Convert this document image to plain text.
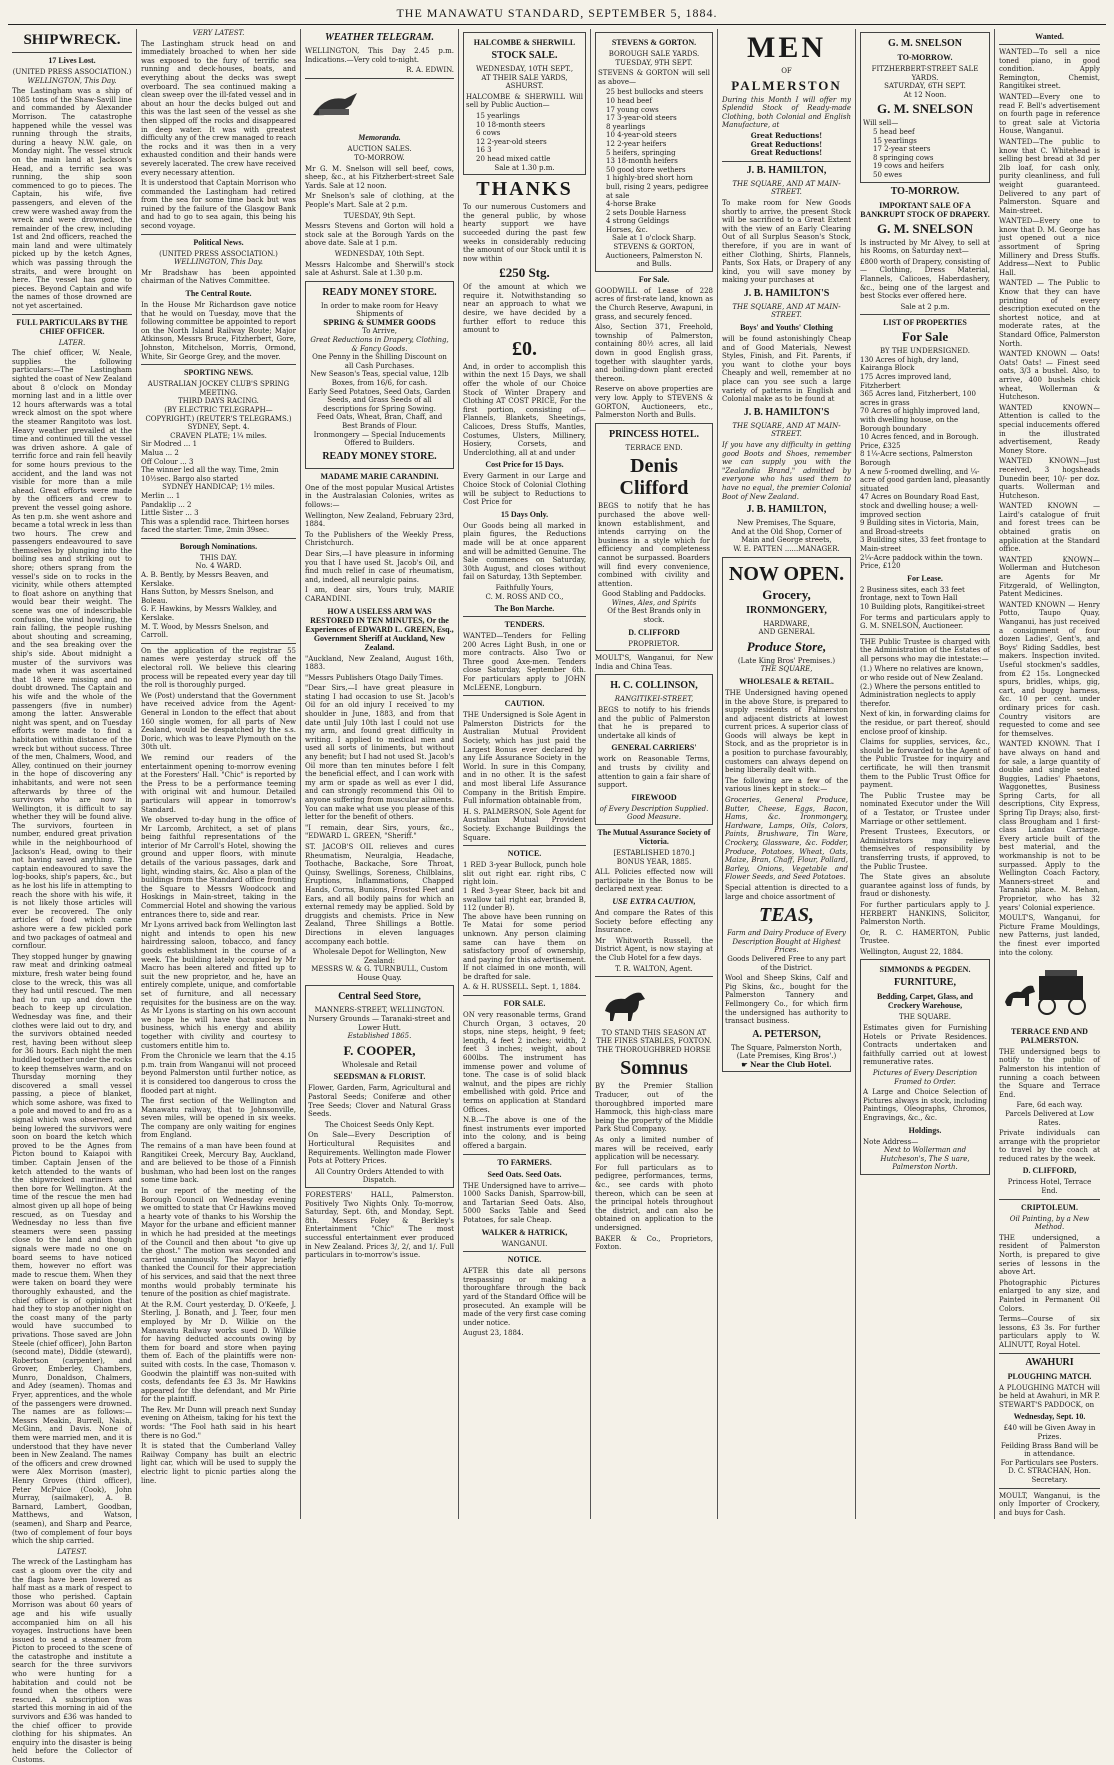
THE MANAWATU STANDARD, SEPTEMBER 5, 1884.
SHIPWRECK.
17 Lives Lost.
(UNITED PRESS ASSOCIATION.)
WELLINGTON, This Day.
The Lastingham was a ship of 1085 tons of the Shaw-Savill line and commanded by Alexander Morrison. The catastrophe happened while the vessel was running through the straits, during a heavy N.W. gale, on Monday night. The vessel struck on the main land at Jackson's Head, and a terrific sea was running, the ship soon commenced to go to pieces. The Captain, his wife, five passengers, and eleven of the crew were washed away from the wreck and were drowned, the remainder of the crew, including 1st and 2nd officers, reached the main land and were ultimately picked up by the ketch Agnes, which was passing through the straits, and were brought on here. The vessel has gone to pieces. Beyond Captain and wife the names of those drowned are not yet ascertained.
FULL PARTICULARS BY THE CHIEF OFFICER.
LATER.
The chief officer, W. Neale, supplies the following particulars:—The Lastingham sighted the coast of New Zealand about 8 o'clock on Monday morning last and in a little over 12 hours afterwards was a total wreck almost on the spot where the steamer Rangitoto was lost. Heavy weather prevailed at the time and continued till the vessel was driven ashore. A gale of terrific force and rain fell heavily for some hours previous to the accident, and the land was not visible for more than a mile ahead. Great efforts were made by the officers and crew to prevent the vessel going ashore. As ten p.m. she went ashore and became a total wreck in less than two hours. The crew and passengers endeavoured to save themselves by plunging into the boiling sea and striking out to shore; others sprang from the vessel's side on to rocks in the vicinity, while others attempted to float ashore on anything that would bear their weight. The scene was one of indescribable confusion, the wind howling, the rain falling, the people rushing about shouting and screaming, and the sea breaking over the ship's side. About midnight a muster of the survivors was made when it was ascertained that 18 were missing and no doubt drowned. The Captain and his wife and the whole of the passengers (five in number) among the latter. Answerable night was spent, and on Tuesday efforts were made to find a habitation within distance of the wreck but without success. Three of the men, Chalmers, Wood, and Alley, continued on their journey in the hope of discovering any inhabitants, and were not seen afterwards by three of the survivors who are now in Wellington, it is difficult to say whether they will be found alive. The survivors, fourteen in number, endured great privation while in the neighbourhood of Jackson's Head, owing to their not having saved anything. The captain endeavoured to save the log-books, ship's papers, &c., but as he lost his life in attempting to reach the shore with his wife, it is not likely those articles will ever be recovered. The only articles of food which came ashore were a few pickled pork and two packages of oatmeal and cornflour.
They stopped hunger by gnawing raw meat and drinking oatmeal mixture, fresh water being found close to the wreck, this was all they had until rescued. The men had to run up and down the beach to keep up circulation. Wednesday was fine, and their clothes were laid out to dry, and the survivors obtained needed rest, having been without sleep for 36 hours. Each night the men huddled together under the rocks to keep themselves warm, and on Thursday morning they discovered a small vessel passing, a piece of blanket, which some ashore, was fixed to a pole and moved to and fro as a signal which was observed, and being lowered the survivors were soon on board the ketch which proved to be the Agnes from Picton bound to Kaiapoi with timber. Captain Jensen of the ketch attended to the wants of the shipwrecked mariners and then bore for Wellington. At the time of the rescue the men had almost given up all hope of being rescued, as on Tuesday and Wednesday no less than five steamers were seen passing close to the land and though signals were made no one on board seems to have noticed them, however no effort was made to rescue them. When they were taken on board they were thoroughly exhausted, and the chief officer is of opinion that had they to stop another night on the coast many of the party would have succumbed to privations. Those saved are John Steele (chief officer), John Barton (second mate), Diddle (steward), Robertson (carpenter), and Grover, Emberley, Chambers, Munro, Donaldson, Chalmers, and Adey (seamen). Thomas and Fryer, apprentices, and the whole of the passengers were drowned. The names are as follows:—Messrs Meakin, Burrell, Naish, McGinn, and Davis. None of them were married men, and it is understood that they have never been in New Zealand. The names of the officers and crew drowned were Alex Morrison (master), Henry Groves (third officer), Peter McPuice (Cook), John Murray, (sailmaker), A. B. Barnard, Lambert, Goodban, Matthews, and Watson, (seamen), and Sharp and Pearce, (two of complement of four boys which the ship carried.
LATEST.
The wreck of the Lastingham has cast a gloom over the city and the flags have been lowered as half mast as a mark of respect to those who perished. Captain Morrison was about 60 years of age and his wife usually accompanied him on all his voyages. Instructions have been issued to send a steamer from Picton to proceed to the scene of the catastrophe and institute a search for the three survivors who were hunting for a habitation and could not be found when the others were rescued. A subscription was started this morning in aid of the survivors and £36 was handed to the chief officer to provide clothing for his shipmates. An enquiry into the disaster is being held before the Collector of Customs.
VERY LATEST.
The Lastingham struck head on and immediately broached to when her side was exposed to the fury of terrific sea running and deck-houses, boats, and everything about the decks was swept overboard. The sea continued making a clean sweep over the ill-fated vessel and in about an hour the decks bulged out and this was the last seen of the vessel as she then slipped off the rocks and disappeared in deep water. It was with greatest difficulty any of the crew managed to reach the rocks and it was then in a very exhausted condition and their hands were severely lacerated. The crew have received every necessary attention.
It is understood that Captain Morrison who commanded the Lastingham had retired from the sea for some time back but was ruined by the failure of the Glasgow Bank and had to go to sea again, this being his second voyage.
Political News.
(UNITED PRESS ASSOCIATION.)
WELLINGTON, This Day.
Mr Bradshaw has been appointed chairman of the Natives Committee.
The Central Route.
In the House Mr Richardson gave notice that he would on Tuesday, move that the following committee be appointed to report on the North Island Railway Route; Major Atkinson, Messrs Bruce, Fitzherbert, Gore, Johnston, Mitchelson, Morris, Ormond, White, Sir George Grey, and the mover.
SPORTING NEWS.
AUSTRALIAN JOCKEY CLUB'S SPRING MEETING.
THIRD DAYS RACING.
(BY ELECTRIC TELEGRAPH—COPYRIGHT.) (REUTER'S TELEGRAMS.) SYDNEY, Sept. 4.
CRAVEN PLATE; 1¼ miles.
Sir Modred ... 1
Malua ... 2
Off Colour ... 3
The winner led all the way. Time, 2min 10½sec. Bargo also started
SYDNEY HANDICAP; 1½ miles.
Merlin ... 1
Pandaklip ... 2
Little Sister ... 3
This was a splendid race. Thirteen horses faced the starter. Time, 2min 39sec.
Borough Nominations.
THIS DAY.
No. 4 WARD.
A. B. Bently, by Messrs Beaven, and Kerslake.
Hans Sutton, by Messrs Snelson, and Boleau.
G. F. Hawkins, by Messrs Walkley, and Kerslake.
M. T. Wood, by Messrs Snelson, and Carroll.
On the application of the registrar 55 names were yesterday struck off the electoral roll. We believe this clearing process will be repeated every year day till the roll is thoroughly purged.
We (Post) understand that the Government have received advice from the Agent-General in London to the effect that about 160 single women, for all parts of New Zealand, would be despatched by the s.s. Doric, which was to leave Plymouth on the 30th ult.
We remind our readers of the entertainment opening to-morrow evening at the Foresters' Hall. "Chic" is reported by the Press to be a performance teeming with original wit and humour. Detailed particulars will appear in tomorrow's Standard.
We observed to-day hung in the office of Mr Larcomb, Architect, a set of plans being faithful representations of the interior of Mr Carroll's Hotel, showing the ground and upper floors, with minute details of the various passages, dark and light, winding stairs, &c. Also a plan of the buildings from the Standard office fronting the Square to Messrs Woodcock and Hoskings in Main-street, taking in the Commercial Hotel and showing the various entrances there to, side and rear.
Mr Lyons arrived back from Wellington last night and intends to open his new hairdressing saloon, tobacco, and fancy goods establishment in the course of a week. The building lately occupied by Mr Macro has been altered and fitted up to suit the new proprietor, and he, have an entirely complete, unique, and comfortable set of furniture, and all necessary requisites for the business are on the way. As Mr Lyons is starting on his own account we hope he will have that success in business, which his energy and ability together with civility and courtesy to customers entitle him to.
From the Chronicle we learn that the 4.15 p.m. train from Wanganui will not proceed beyond Palmerston until further notice, as it is considered too dangerous to cross the flooded part at night.
The first section of the Wellington and Manawatu railway, that to Johnsonville, seven miles, will be opened in six weeks. The company are only waiting for engines from England.
The remains of a man have been found at Rangitikei Creek, Mercury Bay, Auckland, and are believed to be those of a Finnish bushman, who had been lost on the ranges some time back.
In our report of the meeting of the Borough Council on Wednesday evening we omitted to state that Cr Hawkins moved a hearty vote of thanks to his Worship the Mayor for the urbane and efficient manner in which he had presided at the meetings of the Council and then about "to give up the ghost." The motion was seconded and carried unanimously. The Mayor briefly thanked the Council for their appreciation of his services, and said that the next three months would probably terminate his tenure of the position as chief magistrate.
At the R.M. Court yesterday, D. O'Keefe, J. Sterling, J. Bonath, and J. Teer, four men employed by Mr D. Wilkie on the Manawatu Railway works sued D. Wilkie for having deducted accounts owing by them for board and store when paying them of. Each of the plaintiffs were non-suited with costs. In the case, Thomason v. Goodwin the plaintiff was non-suited with costs, defendants fee £3 3s. Mr Hawkins appeared for the defendant, and Mr Pirie for the plaintiff.
The Rev. Mr Dunn will preach next Sunday evening on Atheism, taking for his text the words: "The Fool hath said in his heart there is no God."
It is stated that the Cumberland Valley Railway Company has built an electric light car, which will be used to supply the electric light to picnic parties along the line.
WEATHER TELEGRAM.
WELLINGTON, This Day 2.45 p.m. Indications.—Very cold to-night.
R. A. EDWIN.
Memoranda.
AUCTION SALES.
TO-MORROW.
Mr G. M. Snelson will sell beef, cows, sheep, &c., at his Fitzherbert-street Sale Yards. Sale at 12 noon.
Mr Snelson's sale of clothing, at the People's Mart. Sale at 2 p.m.
TUESDAY, 9th Sept.
Messrs Stevens and Gorton will hold a stock sale at the Borough Yards on the above date. Sale at 1 p.m.
WEDNESDAY, 10th Sept.
Messrs Halcombe and Sherwill's stock sale at Ashurst. Sale at 1.30 p.m.
READY MONEY STORE.
In order to make room for Heavy Shipments of
SPRING & SUMMER GOODS
To Arrive,
Great Reductions in Drapery, Clothing, & Fancy Goods.
One Penny in the Shilling Discount on all Cash Purchases.
New Season's Teas, special value, 12lb Boxes, from 16/6, for cash.
Early Seed Potatoes, Seed Oats, Garden Seeds, and Grass Seeds of all descriptions for Spring Sowing.
Feed Oats, Wheat, Bran, Chaff, and Best Brands of Flour.
Ironmongery — Special Inducements Offered to Builders.
READY MONEY STORE.
MADAME MARIE CARANDINI.
One of the most popular Musical Artistes in the Australasian Colonies, writes as follows:—
Wellington, New Zealand, February 23rd, 1884.
To the Publishers of the Weekly Press, Christchurch.
Dear Sirs,—I have pleasure in informing you that I have used St. Jacob's Oil, and find much relief in case of rheumatism, and, indeed, all neuralgic pains.
I am, dear sirs, Yours truly, MARIE CARANDINI.
HOW A USELESS ARM WAS RESTORED IN TEN MINUTES, Or the Experiences of EDWARD L. GREEN, Esq., Government Sheriff at Auckland, New Zealand.
"Auckland, New Zealand, August 16th, 1883.
"Messrs Publishers Otago Daily Times.
"Dear Sirs,—I have great pleasure in stating I had occasion to use St. Jacob's Oil for an old injury I received to my shoulder in June, 1883, and from that date until July 10th last I could not use my arm, and found great difficulty in writing. I applied to medical men and used all sorts of liniments, but without any benefit; but I had not used St. Jacob's Oil more than ten minutes before I felt the beneficial effect, and I can work with my arm or spade as well as ever I did, and can strongly recommend this Oil to anyone suffering from muscular ailments. You can make what use you please of this letter for the benefit of others.
"I remain, dear Sirs, yours, &c., "EDWARD L. GREEN, "Sheriff."
ST. JACOB'S OIL relieves and cures Rheumatism, Neuralgia, Headache, Toothache, Backache, Sore Throat, Quinsy, Swellings, Soreness, Chilblains, Eruptions, Inflammations, Chapped Hands, Corns, Bunions, Frosted Feet and Ears, and all bodily pains for which an external remedy may be applied. Sold by druggists and chemists. Price in New Zealand, Three Shillings a Bottle. Directions in eleven languages accompany each bottle.
Wholesale Depot for Wellington, New Zealand:
MESSRS W. & G. TURNBULL, Custom House Quay.
Central Seed Store,
MANNERS-STREET, WELLINGTON.
Nursery Grounds — Taranaki-street and Lower Hutt.
Established 1865.
F. COOPER,
Wholesale and Retail
SEEDSMAN & FLORIST.
Flower, Garden, Farm, Agricultural and Pastoral Seeds; Coniferæ and other Tree Seeds; Clover and Natural Grass Seeds.
The Choicest Seeds Only Kept.
On Sale—Every Description of Horticultural Requisites and Requirements. Wellington made Flower Pots at Pottery Prices.
All Country Orders Attended to with Dispatch.
FORESTERS' HALL, Palmerston. Positively Two Nights Only. To-morrow, Saturday, Sept. 6th, and Monday, Sept. 8th. Messrs Foley & Berkley's Entertainment "Chic" The most successful entertainment ever produced in New Zealand. Prices 3/, 2/, and 1/. Full particulars in to-morrow's issue.
HALCOMBE & SHERWILL
STOCK SALE.
WEDNESDAY, 10TH SEPT.,
AT THEIR SALE YARDS, ASHURST.
HALCOMBE & SHERWILL Will sell by Public Auction—
15 yearlings
10 18-month steers
6 cows
12 2-year-old steers
16 3
20 head mixed cattle
Sale at 1.30 p.m.
THANKS
To our numerous Customers and the general public, by whose hearty support we have succeeded during the past few weeks in considerably reducing the amount of our Stock until it is now within
£250 Stg.
Of the amount at which we require it. Notwithstanding so near an approach to what we desire, we have decided by a further effort to reduce this amount to
£0.
And, in order to accomplish this within the next 15 Days, we shall offer the whole of our Choice Stock of Winter Drapery and Clothing AT COST PRICE, For the first portion, consisting of— Flannels, Blankets, Sheetings, Calicoes, Dress Stuffs, Mantles, Costumes, Ulsters, Millinery, Hosiery, Corsets, and Underclothing, all at and under
Cost Price for 15 Days.
Every Garment in our Large and Choice Stock of Colonial Clothing will be subject to Reductions to Cost Price for
15 Days Only.
Our Goods being all marked in plain figures, the Reductions made will be at once apparent and will be admitted Genuine. The Sale commences on Saturday, 30th August, and closes without fail on Saturday, 13th September.
Faithfully Yours,
C. M. ROSS AND CO.,
The Bon Marche.
TENDERS.
WANTED—Tenders for Felling 200 Acres Light Bush, in one or more contracts. Also Two or Three good Axe-men. Tenders close Saturday, September 6th. For particulars apply to JOHN McLEENE, Longburn.
CAUTION.
THE Undersigned is Sole Agent in Palmerston Districts for the Australian Mutual Provident Society, which has just paid the Largest Bonus ever declared by any Life Assurance Society in the World. In sure in this Company, and in no other. It is the safest and most liberal Life Assurance Company in the British Empire. Full information obtainable from,
H. S. PALMERSON, Sole Agent for Australian Mutual Provident Society. Exchange Buildings the Square.
NOTICE.
1 RED 3-year Bullock, punch hole slit out right ear. right ribs, C right loin.
1 Red 3-year Steer, back bit and swallow tail right ear, branded B, 112 (under B).
The above have been running on Te Matai for some period unknown. Any person claiming same can have them on satisfactory proof of ownership, and paying for this advertisement. If not claimed in one month, will be drafted for sale.
A. & H. RUSSELL. Sept. 1, 1884.
FOR SALE.
ON very reasonable terms, Grand Church Organ, 3 octaves, 20 stops, nine steps, height, 9 feet; length, 4 feet 2 inches; width, 2 feet 3 inches; weight, about 600lbs. The instrument has immense power and volume of tone. The case is of solid black walnut, and the pipes are richly embellished with gold. Price and terms on application at Standard Offices.
N.B.—The above is one of the finest instruments ever imported into the colony, and is being offered a bargain.
TO FARMERS.
Seed Oats. Seed Oats.
THE Undersigned have to arrive— 1000 Sacks Danish, Sparrow-bill, and Tartarian Seed Oats. Also, 5000 Sacks Table and Seed Potatoes, for sale Cheap.
WALKER & HATRICK,
WANGANUI.
NOTICE.
AFTER this date all persons trespassing or making a thoroughfare through the back yard of the Standard Office will be prosecuted. An example will be made of the very first case coming under notice.
August 23, 1884.
STEVENS & GORTON.
BOROUGH SALE YARDS.
TUESDAY, 9TH SEPT.
STEVENS & GORTON will sell as above—
25 best bullocks and steers
10 head beef
17 young cows
17 3-year-old steers
8 yearlings
10 4-year-old steers
12 2-year heifers
5 heifers, springing
13 18-month heifers
50 good store wethers
1 highly-bred short horn bull, rising 2 years, pedigree at sale
4-horse Brake
2 sets Double Harness
4 strong Geldings
Horses, &c.
Sale at 1 o'clock Sharp.
STEVENS & GORTON, Auctioneers, Palmerston N. and Bulls.
For Sale.
GOODWILL of Lease of 228 acres of first-rate land, known as the Church Reserve, Awapuni, in grass, and securely fenced.
Also, Section 371, Freehold, township of Palmerston, containing 80½ acres, all laid down in good English grass, together with slaughter yards, and boiling-down plant erected thereon.
Reserve on above properties are very low. Apply to STEVENS & GORTON, Auctioneers, etc., Palmerston North and Bulls.
PRINCESS HOTEL.
TERRACE END.
Denis Clifford
BEGS to notify that he has purchased the above well-known establishment, and intends carrying on the business in a style which for efficiency and completeness cannot be surpassed. Boarders will find every convenience, combined with civility and attention.
Good Stabling and Paddocks.
Wines, Ales, and Spirits
Of the Best Brands only in stock.
D. CLIFFORD
PROPRIETOR.
MOULT'S, Wanganui, for New India and China Teas.
H. C. COLLINSON,
RANGITIKEI-STREET,
BEGS to notify to his friends and the public of Palmerston that he is prepared to undertake all kinds of
GENERAL CARRIERS'
work on Reasonable Terms, and trusts by civility and attention to gain a fair share of support.
FIREWOOD
of Every Description Supplied.
Good Measure.
The Mutual Assurance Society of Victoria.
[ESTABLISHED 1870.]
BONUS YEAR, 1885.
ALL Policies effected now will participate in the Bonus to be declared next year.
USE EXTRA CAUTION,
And compare the Rates of this Society before effecting any Insurance.
Mr Whitworth Russell, the District Agent, is now staying at the Club Hotel for a few days.
T. R. WALTON, Agent.
TO STAND THIS SEASON AT THE FINES STABLES, FOXTON.
THE THOROUGHBRED HORSE
Somnus
BY the Premier Stallion Traducer, out of the thoroughbred imported mare Hammock, this high-class mare being the property of the Middle Park Stud Company.
As only a limited number of mares will be received, early application will be necessary.
For full particulars as to pedigree, performances, terms, &c., see cards with photo thereon, which can be seen at the principal hotels throughout the district, and can also be obtained on application to the undersigned.
BAKER & Co., Proprietors, Foxton.
MEN
OF
PALMERSTON
During this Month I will offer my Splendid Stock of Ready-made Clothing, both Colonial and English Manufacture, at
Great Reductions!
Great Reductions!
Great Reductions!
J. B. HAMILTON,
THE SQUARE, AND AT MAIN-STREET.
To make room for New Goods shortly to arrive, the present Stock will be sacrificed to a Great Extent with the view of an Early Clearing Out of all Surplus Season's Stock, therefore, if you are in want of either Clothing, Shirts, Flannels, Pants, Sox Hats, or Drapery of any kind, you will save money by making your purchases at
J. B. HAMILTON'S
THE SQUARE, AND AT MAIN-STREET.
Boys' and Youths' Clothing
will be found astonishingly Cheap and of Good Materials, Newest Styles, Finish, and Fit. Parents, if you want to clothe your boys Cheaply and well, remember at no place can you see such a large variety of patterns in English and Colonial make as to be found at
J. B. HAMILTON'S
THE SQUARE, AND AT MAIN-STREET.
If you have any difficulty in getting good Boots and Shoes, remember we can supply you with the "Zealandia Brand," admitted by everyone who has used them to have no equal, the premier Colonial Boot of New Zealand.
J. B. HAMILTON,
New Premises, The Square,
And at the Old Shop, Corner of Main and George streets,
W. E. PATTEN ......MANAGER.
NOW OPEN.
Grocery,
IRONMONGERY,
HARDWARE,
AND GENERAL
Produce Store,
(Late King Bros' Premises.)
THE SQUARE,
WHOLESALE & RETAIL.
THE Undersigned having opened in the above Store, is prepared to supply residents of Palmerston and adjacent districts at lowest current prices. A superior class of Goods will always be kept in Stock, and as the proprietor is in a position to purchase favourably, customers can always depend on being liberally dealt with.
The following are a few of the various lines kept in stock:—
Groceries, General Produce, Butter, Cheese, Eggs, Bacon, Hams, &c. Ironmongery, Hardware, Lamps, Oils, Colors, Paints, Brushware, Tin Ware, Crockery, Glassware, &c. Fodder, Produce, Potatoes, Wheat, Oats, Maize, Bran, Chaff, Flour, Pollard, Barley, Onions, Vegetable and Flower Seeds, and Seed Potatoes.
Special attention is directed to a large and choice assortment of
TEAS,
Farm and Dairy Produce of Every Description Bought at Highest Prices.
Goods Delivered Free to any part of the District.
Wool and Sheep Skins, Calf and Pig Skins, &c., bought for the Palmerston Tannery and Fellmongery Co., for which firm the undersigned has authority to transact business.
A. PETERSON,
The Square, Palmerston North,
(Late Premises, King Bros'.)
☛ Near the Club Hotel.
G. M. SNELSON
TO-MORROW.
FITZHERBERT-STREET SALE YARDS.
SATURDAY, 6TH SEPT.
At 12 Noon.
G. M. SNELSON
Will sell—
5 head beef
15 yearlings
17 2-year steers
8 springing cows
19 cows and heifers
50 ewes
TO-MORROW.
IMPORTANT SALE OF A BANKRUPT STOCK OF DRAPERY.
G. M. SNELSON
Is instructed by Mr Alvey, to sell at his Rooms, on Saturday next—
£800 worth of Drapery, consisting of — Clothing, Dress Material, Flannels, Calicoes, Haberdashery, &c., being one of the largest and best Stocks ever offered here.
Sale at 2 p.m.
LIST OF PROPERTIES
For Sale
BY THE UNDERSIGNED.
130 Acres of high, dry land, Kairanga Block
175 Acres improved land, Fitzherbert
365 Acres land, Fitzherbert, 100 acres in grass
70 Acres of highly improved land, with dwelling house, on the Borough boundary
10 Acres fenced, and in Borough. Price, £325
8 1¼-Acre sections, Palmerston Borough
A new 5-roomed dwelling, and ¼-acre of good garden land, pleasantly situated
47 Acres on Boundary Road East, stock and dwelling house; a well-improved section
9 Building sites in Victoria, Main, and Broad-streets
3 Building sites, 33 feet frontage to Main-street
2¼-Acre paddock within the town. Price, £120
For Lease.
2 Business sites, each 33 feet frontage, next to Town Hall
10 Building plots, Rangitikei-street
For terms and particulars apply to G. M. SNELSON, Auctioneer.
THE Public Trustee is charged with the Administration of the Estates of all persons who may die intestate:—
(1.) Where no relatives are known, or who reside out of New Zealand.
(2.) Where the persons entitled to Administration neglects to apply therefor.
Next of kin, in forwarding claims for the residue, or part thereof, should enclose proof of kinship.
Claims for supplies, services, &c., should be forwarded to the Agent of the Public Trustee for inquiry and certificate, he will then transmit them to the Public Trust Office for payment.
The Public Trustee may be nominated Executor under the Will of a Testator, or Trustee under Marriage or other settlement.
Present Trustees, Executors, or Administrators may relieve themselves of responsibility by transferring trusts, if approved, to the Public Trustee.
The State gives an absolute guarantee against loss of funds, by fraud or dishonesty.
For further particulars apply to J. HERBERT HANKINS, Solicitor, Palmerston North.
Or, R. C. HAMERTON, Public Trustee.
Wellington, August 22, 1884.
SIMMONDS & PEGDEN.
FURNITURE,
Bedding, Carpet, Glass, and Crockery Warehouse,
THE SQUARE.
Estimates given for Furnishing Hotels or Private Residences. Contracts undertaken and faithfully carried out at lowest remunerative rates.
Pictures of Every Description
Framed to Order.
A Large and Choice Selection of Pictures always in stock, including Paintings, Oleographs, Chromos, Engravings, &c., &c.
Holdings.
Note Address—
Next to Wollerman and Hutcheson's, The S uare, Palmerston North.
Wanted.
WANTED—To sell a nice toned piano, in good condition. Apply Remington, Chemist, Rangitikei street.
WANTED—Every one to read F. Bell's advertisement on fourth page in reference to great sale at Victoria House, Wanganui.
WANTED—The public to know that C. Whitehead is selling best bread at 3d per 2lb loaf, for cash only, purity cleanliness, and full weight guaranteed. Delivered to any part of Palmerston. Square and Main-street.
WANTED—Every one to know that D. M. George has just opened out a nice assortment of Spring Millinery and Dress Stuffs. Address—Next to Public Hall.
WANTED — The Public to Know that they can have printing of every description executed on the shortest notice, and at moderate rates, at the Standard Office, Palmerston North.
WANTED KNOWN — Oats! Oats! Oats! — Finest seed oats, 3/3 a bushel. Also, to arrive, 400 bushels chick wheat, Wollerman & Hutcheson.
WANTED KNOWN—Attention is called to the special inducements offered in the illustrated advertisement, Ready Money Store.
WANTED KNOWN—Just received, 3 hogsheads Dunedin beer, 10/- per doz. quarts. Wollerman and Hutcheson.
WANTED KNOWN — Laird's catalogue of fruit and forest trees can be obtained gratis on application at the Standard office.
WANTED KNOWN—Wollerman and Hutcheson are Agents for Mr Fitzgerald, of Wellington, Patent Medicines.
WANTED KNOWN — Henry Potto, Taupo Quay, Wanganui, has just received a consignment of four dozen Ladies', Gent's, and Boys' Riding Saddles, best makers. Inspection invited. Useful stockmen's saddles, from £2 15s. Longnecked spurs, bridles, whips, gig, cart, and buggy harness, &c. 10 per cent. under ordinary prices for cash. Country visitors are requested to come and see for themselves.
WANTED KNOWN. That I have always on hand and for sale, a large quantity of double and single seated Buggies, Ladies' Phaetons, Waggonettes, Business Spring Carts, for all descriptions, City Express, Spring Tip Drays; also, first-class Brougham and 1 first-class Landau Carriage. Every article built of the best material, and the workmanship is not to be surpassed. Apply to the Wellington Coach Factory, Manners-street and Taranaki place. M. Behan, Proprietor, who has 32 years' Colonial experience.
MOULT'S, Wanganui, for Picture Frame Mouldings, new Patterns, just landed, the finest ever imported into the colony.
TERRACE END AND PALMERSTON.
THE undersigned begs to notify to the public of Palmerston his intention of running a coach between the Square and Terrace End.
Fare, 6d each way.
Parcels Delivered at Low Rates.
Private individuals can arrange with the proprietor to travel by the coach at reduced rates by the week.
D. CLIFFORD,
Princess Hotel, Terrace End.
CRIPTOLEUM.
Oil Painting, by a New Method.
THE undersigned, a resident of Palmerston North, is prepared to give series of lessons in the above Art.
Photographic Pictures enlarged to any size, and Painted in Permanent Oil Colors.
Terms—Course of six lessons, £3 3s. For further particulars apply to W. ALINUTT, Royal Hotel.
AWAHURI
PLOUGHING MATCH.
A PLOUGHING MATCH will be held at Awahuri, in MR P. STEWART'S PADDOCK, on
Wednesday, Sept. 10.
£40 will be Given Away in Prizes.
Feilding Brass Band will be in attendance.
For Particulars see Posters.
D. C. STRACHAN, Hon. Secretary.
MOULT, Wanganui, is the only Importer of Crockery, and buys for Cash.
